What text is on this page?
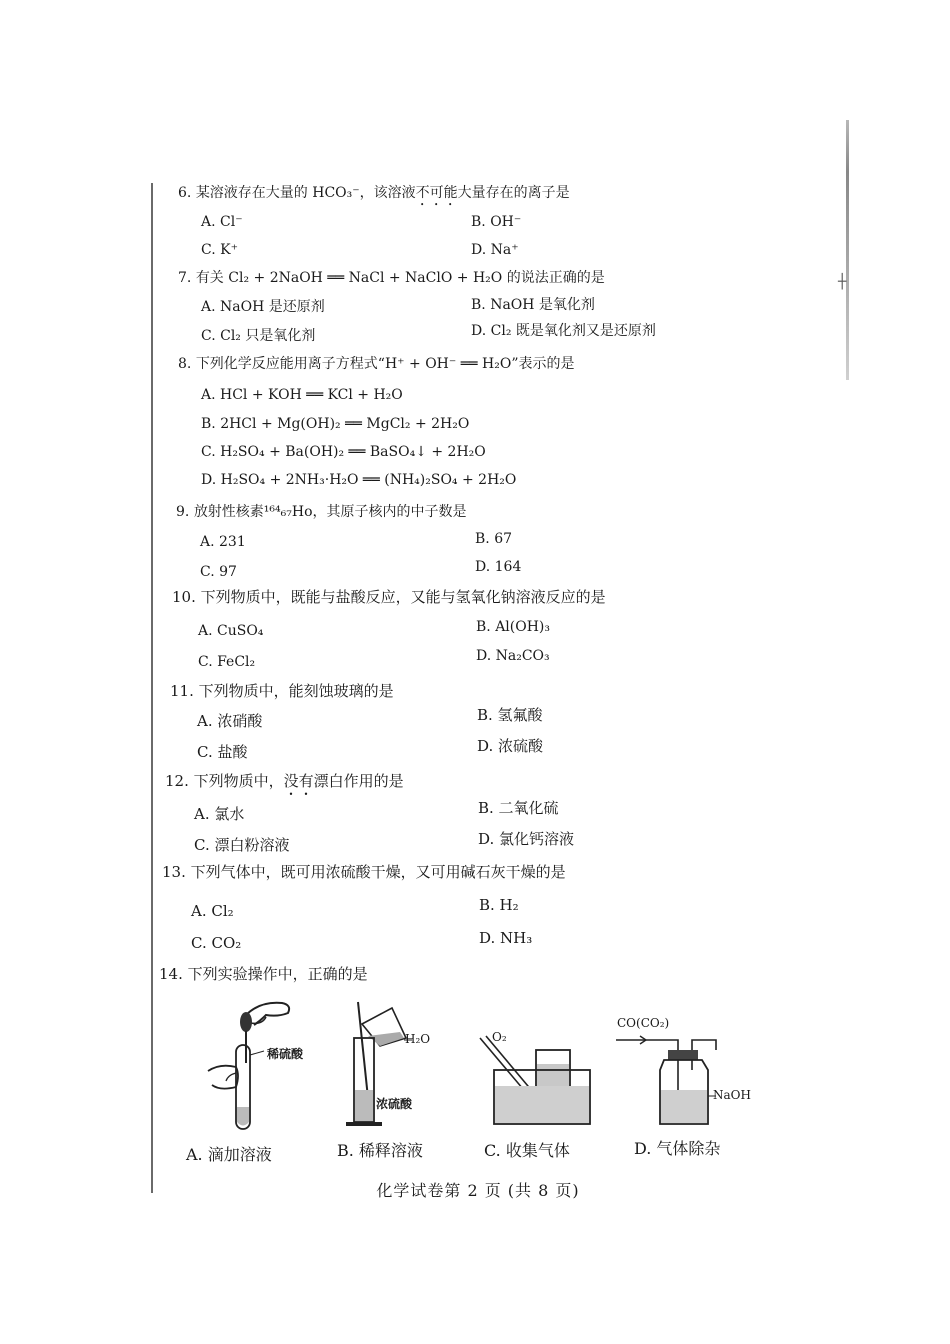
┼
6. 某溶液存在大量的 HCO₃⁻，该溶液不可能大量存在的离子是
A. Cl⁻	B. OH⁻
C. K⁺	D. Na⁺
7. 有关 Cl₂ + 2NaOH ══ NaCl + NaClO + H₂O 的说法正确的是
A. NaOH 是还原剂	B. NaOH 是氧化剂
C. Cl₂ 只是氧化剂	D. Cl₂ 既是氧化剂又是还原剂
8. 下列化学反应能用离子方程式“H⁺ + OH⁻ ══ H₂O”表示的是
A. HCl + KOH ══ KCl + H₂O
B. 2HCl + Mg(OH)₂ ══ MgCl₂ + 2H₂O
C. H₂SO₄ + Ba(OH)₂ ══ BaSO₄↓ + 2H₂O
D. H₂SO₄ + 2NH₃·H₂O ══ (NH₄)₂SO₄ + 2H₂O
9. 放射性核素¹⁶⁴₆₇Ho，其原子核内的中子数是
A. 231	B. 67
C. 97	D. 164
10. 下列物质中，既能与盐酸反应，又能与氢氧化钠溶液反应的是
A. CuSO₄	B. Al(OH)₃
C. FeCl₂	D. Na₂CO₃
11. 下列物质中，能刻蚀玻璃的是
A. 浓硝酸	B. 氢氟酸
C. 盐酸	D. 浓硫酸
12. 下列物质中，没有漂白作用的是
A. 氯水	B. 二氧化硫
C. 漂白粉溶液	D. 氯化钙溶液
13. 下列气体中，既可用浓硫酸干燥，又可用碱石灰干燥的是
A. Cl₂	B. H₂
C. CO₂	D. NH₃
14. 下列实验操作中，正确的是
稀硫酸
H₂O
浓硫酸
O₂
CO(CO₂)
NaOH
A. 滴加溶液	B. 稀释溶液	C. 收集气体	D. 气体除杂
化学试卷第 2 页 (共 8 页)
